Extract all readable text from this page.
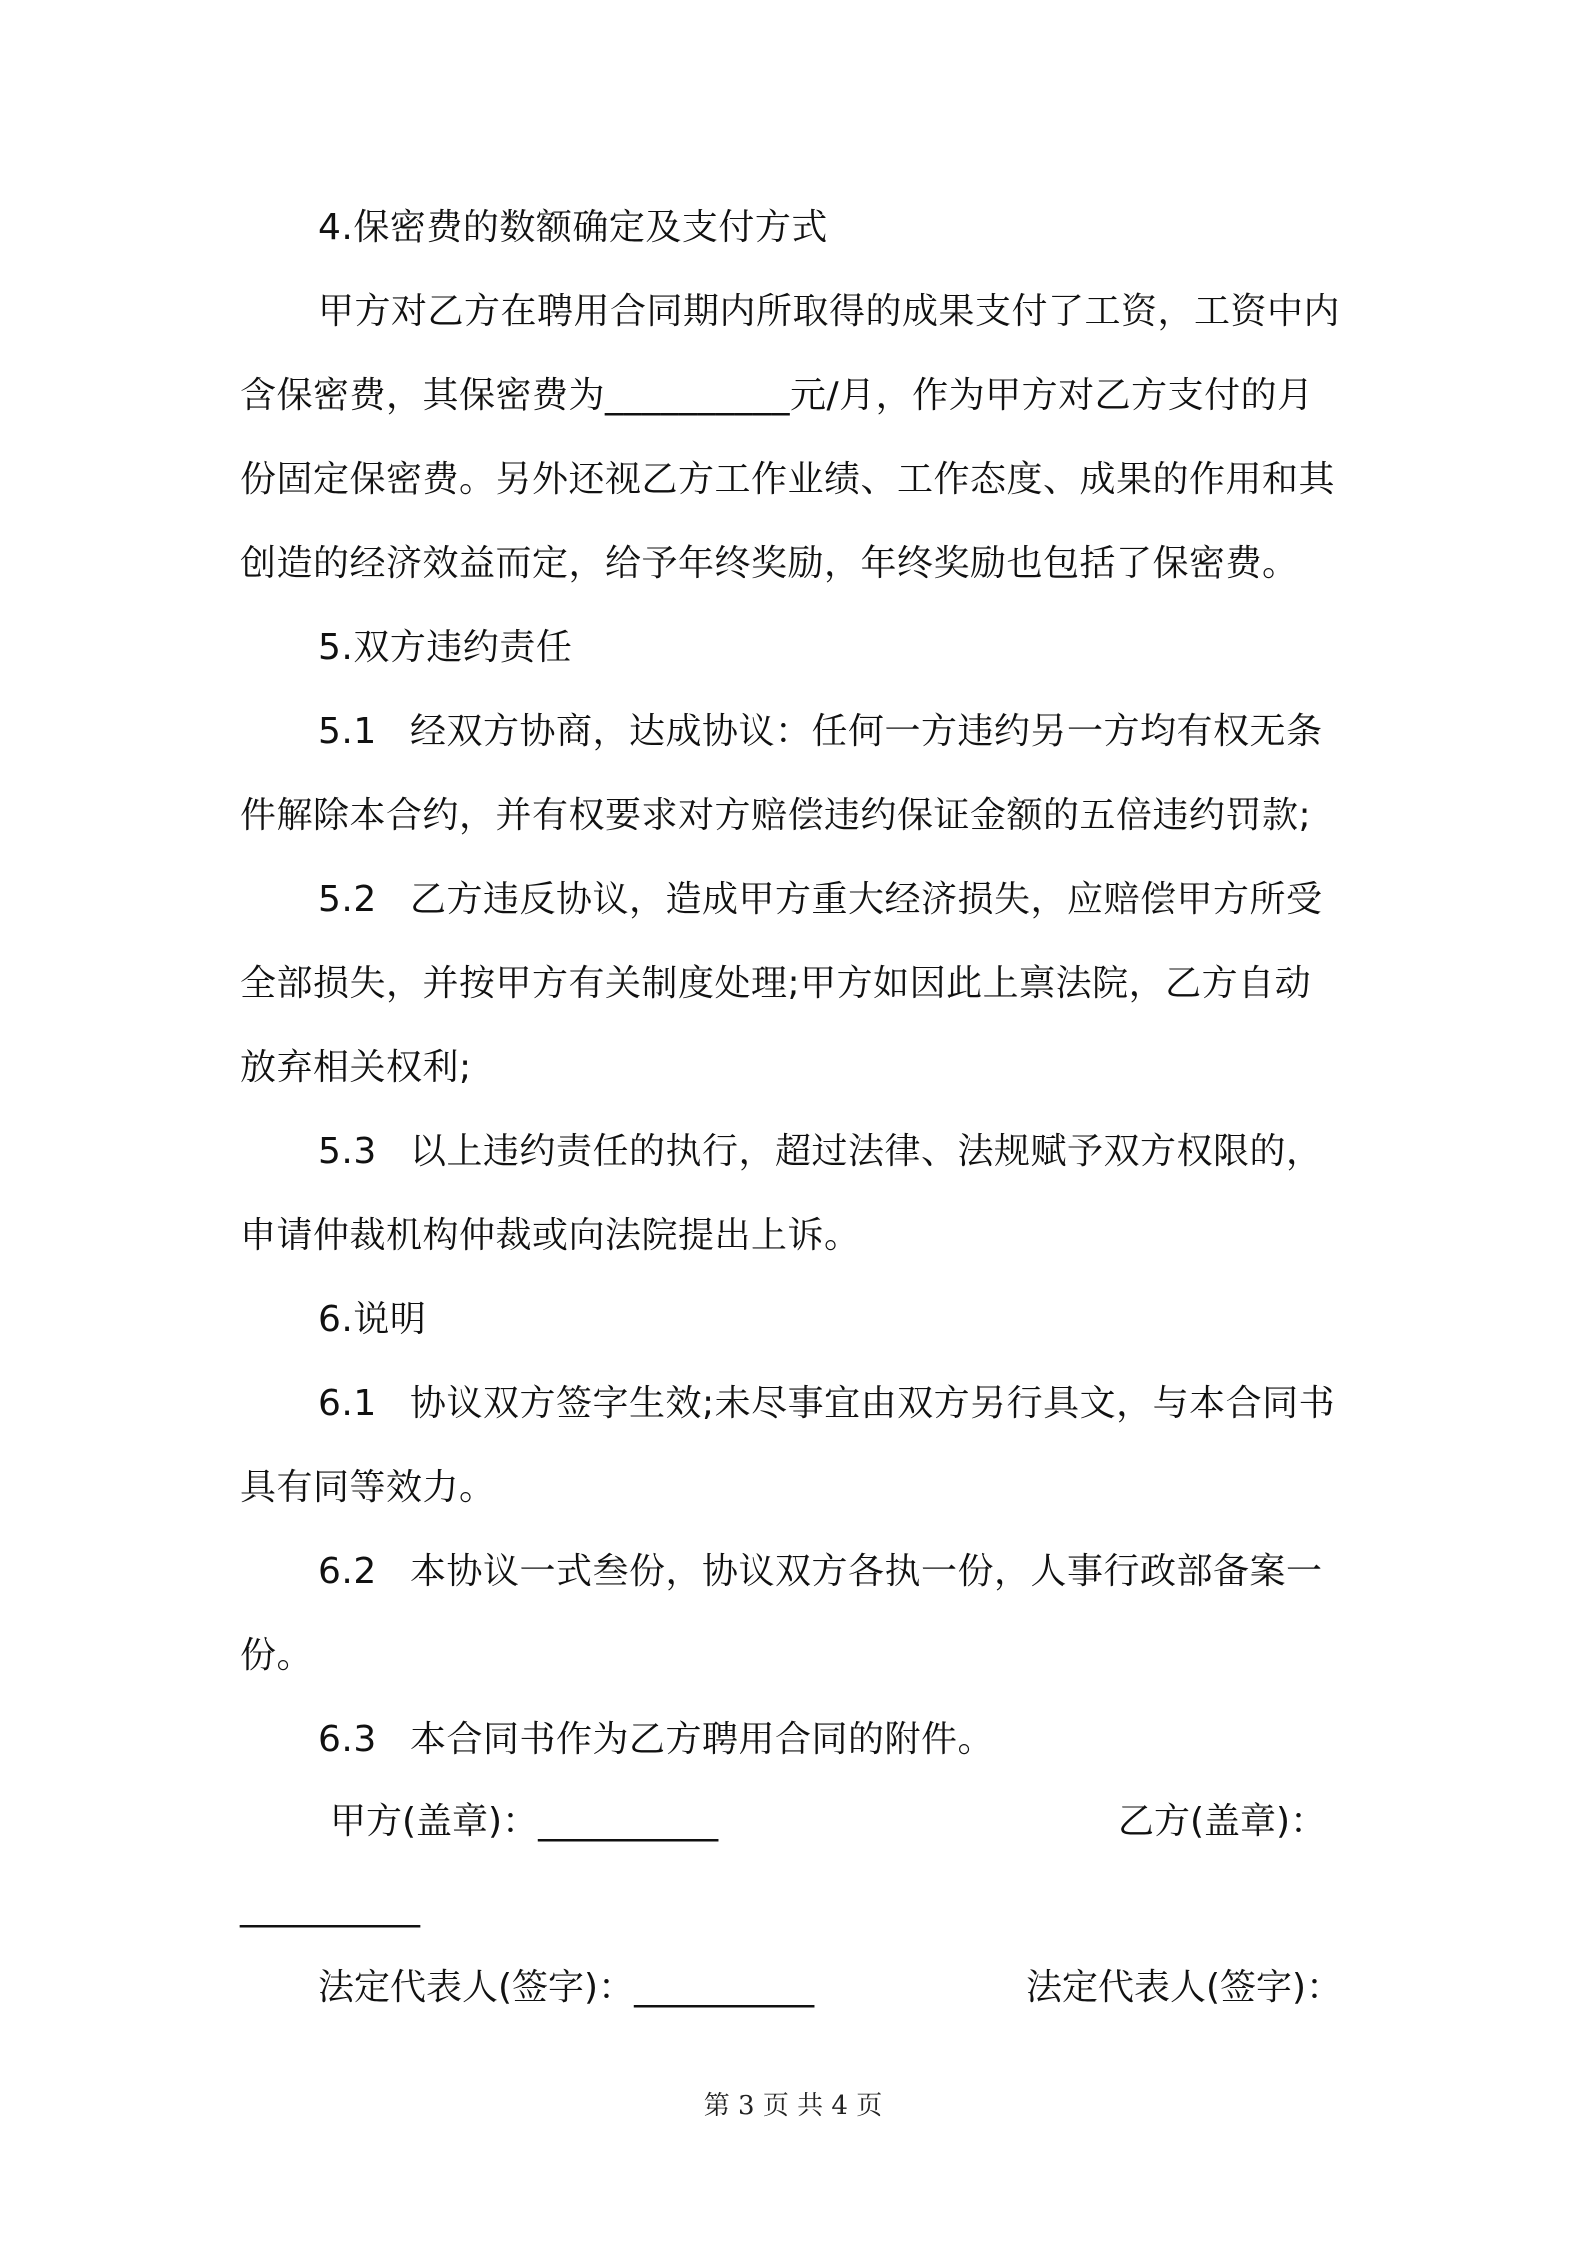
4.保密费的数额确定及支付方式
甲方对乙方在聘用合同期内所取得的成果支付了工资，工资中内
含保密费，其保密费为__________元/月，作为甲方对乙方支付的月
份固定保密费。另外还视乙方工作业绩、工作态度、成果的作用和其
创造的经济效益而定，给予年终奖励，年终奖励也包括了保密费。
5.双方违约责任
5.1 经双方协商，达成协议：任何一方违约另一方均有权无条
件解除本合约，并有权要求对方赔偿违约保证金额的五倍违约罚款;
5.2 乙方违反协议，造成甲方重大经济损失，应赔偿甲方所受
全部损失，并按甲方有关制度处理;甲方如因此上禀法院，乙方自动
放弃相关权利;
5.3 以上违约责任的执行，超过法律、法规赋予双方权限的，
申请仲裁机构仲裁或向法院提出上诉。
6.说明
6.1 协议双方签字生效;未尽事宜由双方另行具文，与本合同书
具有同等效力。
6.2 本协议一式叁份，协议双方各执一份，人事行政部备案一
份。
6.3 本合同书作为乙方聘用合同的附件。
甲方(盖章)：__________	乙方(盖章)：
__________
法定代表人(签字)：__________	法定代表人(签字)：
第 3 页 共 4 页
